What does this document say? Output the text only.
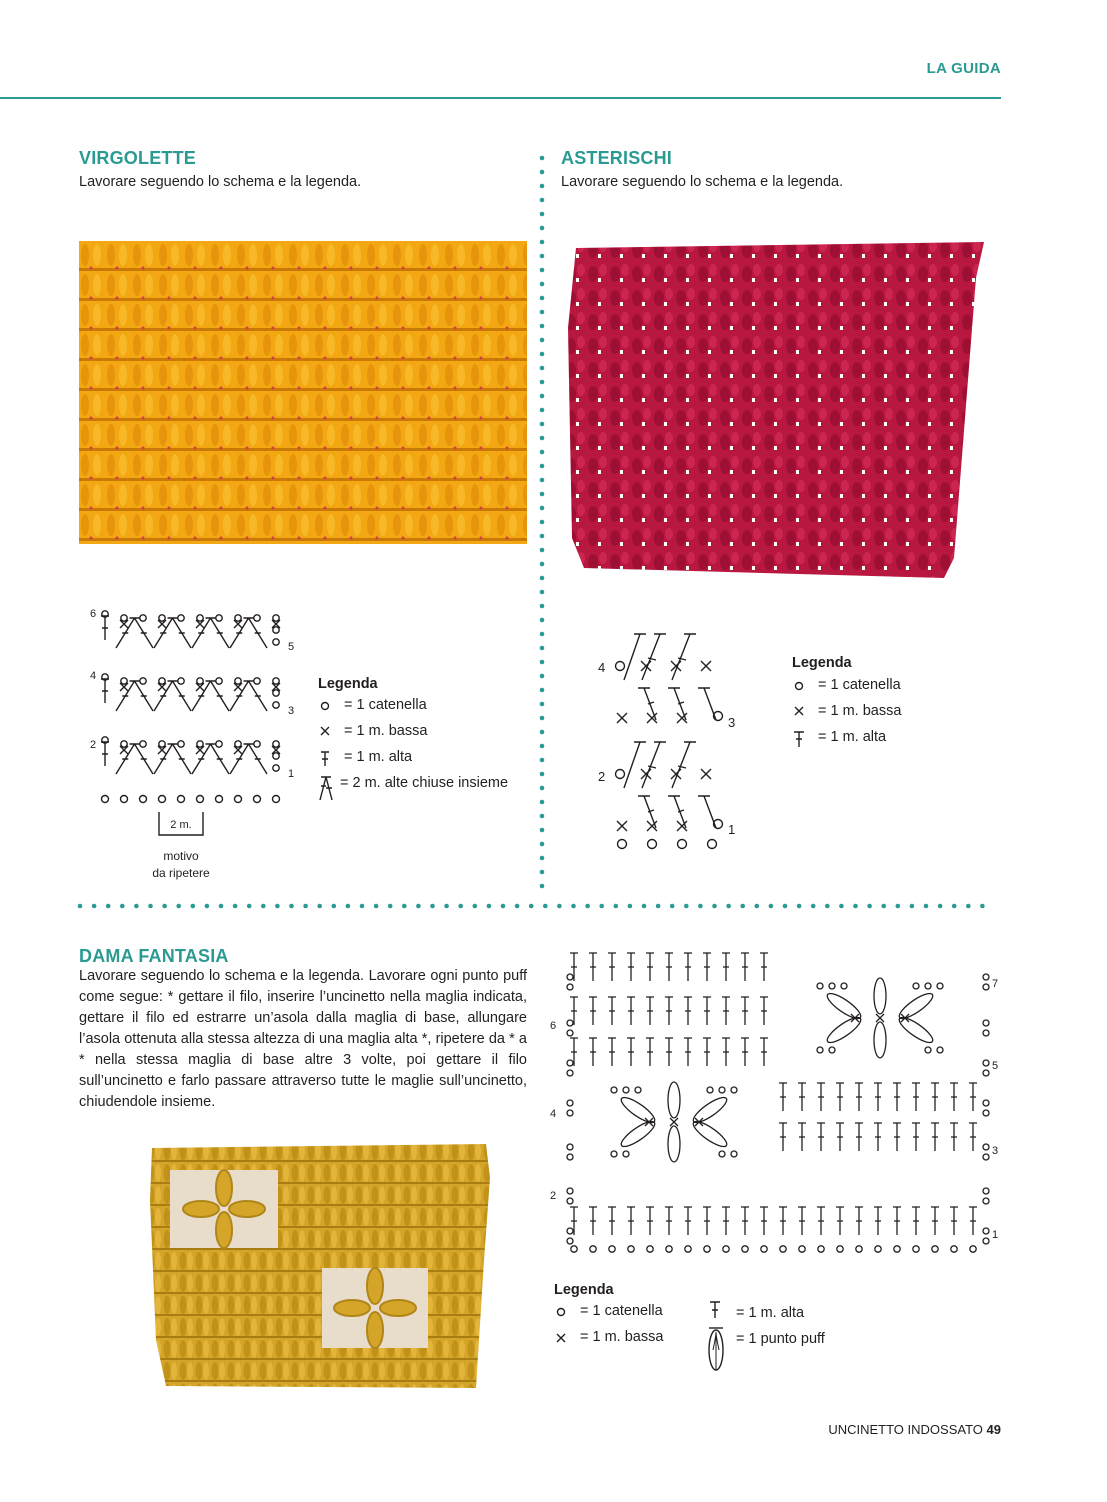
LA GUIDA
VIRGOLETTE
Lavorare seguendo lo schema e la legenda.
6
5
4
3
2
1
2 m.
motivo
da ripetere
Legenda
= 1 catenella
= 1 m. bassa
= 1 m. alta
= 2 m. alte chiuse insieme
ASTERISCHI
Lavorare seguendo lo schema e la legenda.
4
3
2
1
Legenda
= 1 catenella
= 1 m. bassa
= 1 m. alta
DAMA FANTASIA
Lavorare seguendo lo schema e la legenda. Lavorare ogni punto puff come segue: * gettare il filo, inserire l’uncinetto nella maglia indicata, gettare il filo ed estrarre un’asola dalla maglia di base, allungare l’asola ottenuta alla stessa altezza di una maglia alta *, ripetere da * a * nella stessa maglia di base altre 3 volte, poi gettare il filo sull’uncinetto e farlo passare attraverso tutte le maglie sull’uncinetto, chiudendole insieme.
7
6
5
4
3
2
1
Legenda
= 1 catenella
= 1 m. bassa
= 1 m. alta
= 1 punto puff
UNCINETTO INDOSSATO 49
